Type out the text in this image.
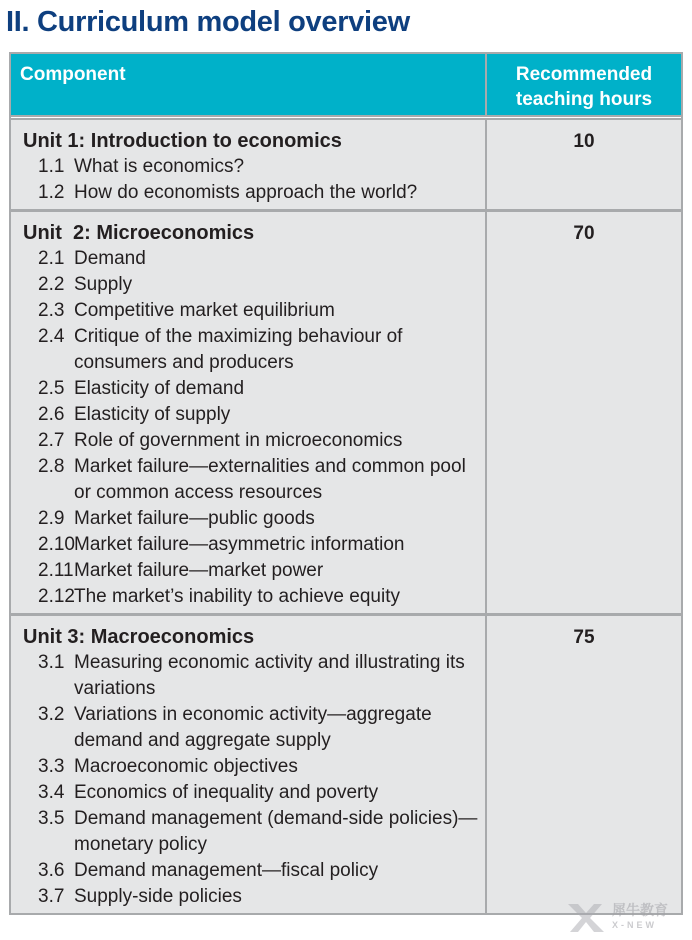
II. Curriculum model overview
Component	Recommended
teaching hours
Unit 1: Introduction to economics
1.1 What is economics?
1.2 How do economists approach the world?
10
Unit  2: Microeconomics
2.1 Demand
2.2 Supply
2.3 Competitive market equilibrium
2.4 Critique of the maximizing behaviour of consumers and producers
2.5 Elasticity of demand
2.6 Elasticity of supply
2.7 Role of government in microeconomics
2.8 Market failure—externalities and common pool or common access resources
2.9 Market failure—public goods
2.10 Market failure—asymmetric information
2.11 Market failure—market power
2.12 The market’s inability to achieve equity
70
Unit 3: Macroeconomics
3.1 Measuring economic activity and illustrating its variations
3.2 Variations in economic activity—aggregate demand and aggregate supply
3.3 Macroeconomic objectives
3.4 Economics of inequality and poverty
3.5 Demand management (demand-side policies)—monetary policy
3.6 Demand management—fiscal policy
3.7 Supply-side policies
75
犀牛教育
X-NEW
